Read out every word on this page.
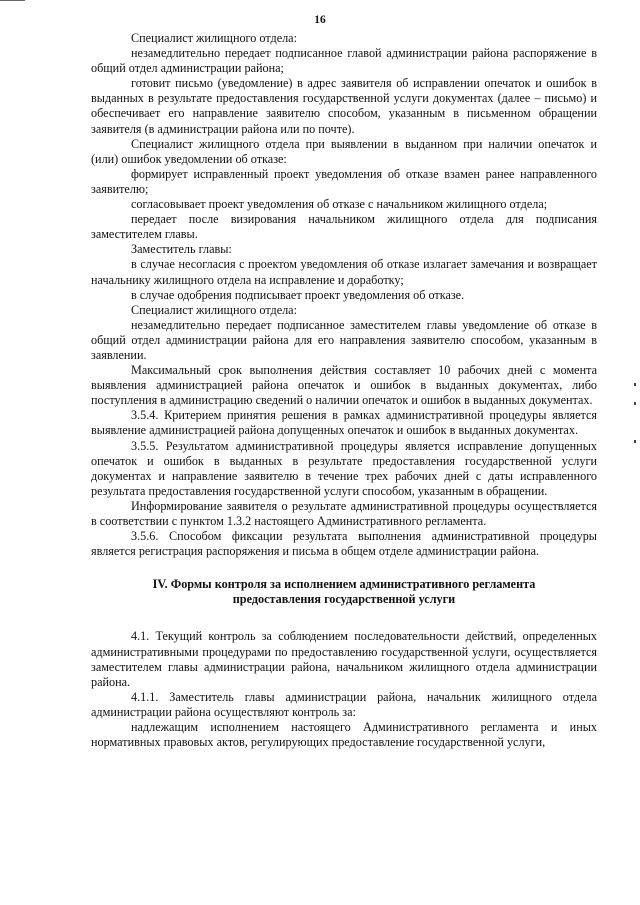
16

Специалист жилищного отдела:

незамедлительно передает подписанное главой администрации района распоряжение в общий отдел администрации района;

готовит письмо (уведомление) в адрес заявителя об исправлении опечаток и ошибок в выданных в результате предоставления государственной услуги документах (далее – письмо) и обеспечивает его направление заявителю способом, указанным в письменном обращении заявителя (в администрации района или по почте).

Специалист жилищного отдела при выявлении в выданном при наличии опечаток и (или) ошибок уведомлении об отказе:

формирует исправленный проект уведомления об отказе взамен ранее направленного заявителю;

согласовывает проект уведомления об отказе с начальником жилищного отдела;

передает после визирования начальником жилищного отдела для подписания заместителем главы.

Заместитель главы:

в случае несогласия с проектом уведомления об отказе излагает замечания и возвращает начальнику жилищного отдела на исправление и доработку;

в случае одобрения подписывает проект уведомления об отказе.

Специалист жилищного отдела:

незамедлительно передает подписанное заместителем главы уведомление об отказе в общий отдел администрации района для его направления заявителю способом, указанным в заявлении.

Максимальный срок выполнения действия составляет 10 рабочих дней с момента выявления администрацией района опечаток и ошибок в выданных документах, либо поступления в администрацию сведений о наличии опечаток и ошибок в выданных документах.

3.5.4. Критерием принятия решения в рамках административной процедуры является выявление администрацией района допущенных опечаток и ошибок в выданных документах.

3.5.5. Результатом административной процедуры является исправление допущенных опечаток и ошибок в выданных в результате предоставления государственной услуги документах и направление заявителю в течение трех рабочих дней с даты исправленного результата предоставления государственной услуги способом, указанным в обращении.

Информирование заявителя о результате административной процедуры осуществляется в соответствии с пунктом 1.3.2 настоящего Административного регламента.

3.5.6. Способом фиксации результата выполнения административной процедуры является регистрация распоряжения и письма в общем отделе администрации района.

IV. Формы контроля за исполнением административного регламента
предоставления государственной услуги

4.1. Текущий контроль за соблюдением последовательности действий, определенных административными процедурами по предоставлению государственной услуги, осуществляется заместителем главы администрации района, начальником жилищного отдела администрации района.

4.1.1. Заместитель главы администрации района, начальник жилищного отдела администрации района осуществляют контроль за:

надлежащим исполнением настоящего Административного регламента и иных нормативных правовых актов, регулирующих предоставление государственной услуги,
